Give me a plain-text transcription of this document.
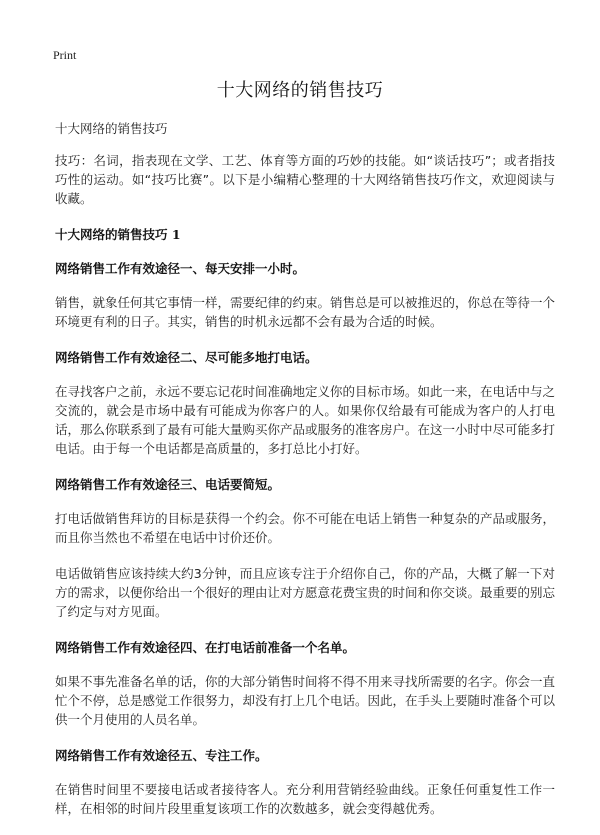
Print
十大网络的销售技巧

十大网络的销售技巧

技巧：名词，指表现在文学、工艺、体育等方面的巧妙的技能。如“谈话技巧”；或者指技巧性的运动。如“技巧比赛”。以下是小编精心整理的十大网络销售技巧作文，欢迎阅读与收藏。

十大网络的销售技巧 1

网络销售工作有效途径一、每天安排一小时。

销售，就象任何其它事情一样，需要纪律的约束。销售总是可以被推迟的，你总在等待一个环境更有利的日子。其实，销售的时机永远都不会有最为合适的时候。

网络销售工作有效途径二、尽可能多地打电话。

在寻找客户之前，永远不要忘记花时间准确地定义你的目标市场。如此一来，在电话中与之交流的，就会是市场中最有可能成为你客户的人。如果你仅给最有可能成为客户的人打电话，那么你联系到了最有可能大量购买你产品或服务的准客房户。在这一小时中尽可能多打电话。由于每一个电话都是高质量的，多打总比小打好。

网络销售工作有效途径三、电话要简短。

打电话做销售拜访的目标是获得一个约会。你不可能在电话上销售一种复杂的产品或服务，而且你当然也不希望在电话中讨价还价。

电话做销售应该持续大约3分钟，而且应该专注于介绍你自己，你的产品，大概了解一下对方的需求，以便你给出一个很好的理由让对方愿意花费宝贵的时间和你交谈。最重要的别忘了约定与对方见面。

网络销售工作有效途径四、在打电话前准备一个名单。

如果不事先准备名单的话，你的大部分销售时间将不得不用来寻找所需要的名字。你会一直忙个不停，总是感觉工作很努力，却没有打上几个电话。因此，在手头上要随时准备个可以供一个月使用的人员名单。

网络销售工作有效途径五、专注工作。

在销售时间里不要接电话或者接待客人。充分利用营销经验曲线。正象任何重复性工作一样，在相邻的时间片段里重复该项工作的次数越多，就会变得越优秀。
